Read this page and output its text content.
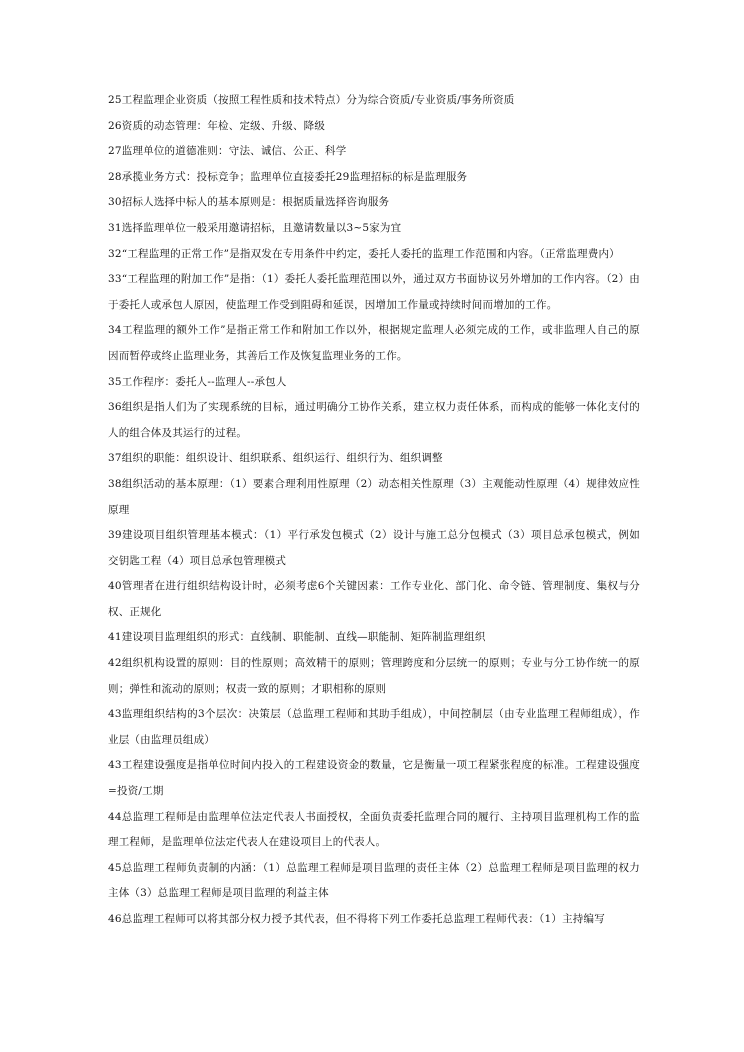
25工程监理企业资质（按照工程性质和技术特点）分为综合资质/专业资质/事务所资质

26资质的动态管理：年检、定级、升级、降级

27监理单位的道德准则：守法、诚信、公正、科学

28承揽业务方式：投标竞争；监理单位直接委托29监理招标的标是监理服务

30招标人选择中标人的基本原则是：根据质量选择咨询服务

31选择监理单位一般采用邀请招标，且邀请数量以3~5家为宜

32“工程监理的正常工作”是指双发在专用条件中约定，委托人委托的监理工作范围和内容。（正常监理费内）

33“工程监理的附加工作”是指：（1）委托人委托监理范围以外，通过双方书面协议另外增加的工作内容。（2）由于委托人或承包人原因，使监理工作受到阻碍和延误，因增加工作量或持续时间而增加的工作。

34工程监理的额外工作”是指正常工作和附加工作以外，根据规定监理人必须完成的工作，或非监理人自己的原因而暂停或终止监理业务，其善后工作及恢复监理业务的工作。

35工作程序：委托人--监理人--承包人

36组织是指人们为了实现系统的目标，通过明确分工协作关系，建立权力责任体系，而构成的能够一体化支付的人的组合体及其运行的过程。

37组织的职能：组织设计、组织联系、组织运行、组织行为、组织调整

38组织活动的基本原理：（1）要素合理利用性原理（2）动态相关性原理（3）主观能动性原理（4）规律效应性原理

39建设项目组织管理基本模式：（1）平行承发包模式（2）设计与施工总分包模式（3）项目总承包模式，例如交钥匙工程（4）项目总承包管理模式

40管理者在进行组织结构设计时，必须考虑6个关键因素：工作专业化、部门化、命令链、管理制度、集权与分权、正规化

41建设项目监理组织的形式：直线制、职能制、直线—职能制、矩阵制监理组织

42组织机构设置的原则：目的性原则；高效精干的原则；管理跨度和分层统一的原则；专业与分工协作统一的原则；弹性和流动的原则；权责一致的原则；才职相称的原则

43监理组织结构的3个层次：决策层（总监理工程师和其助手组成），中间控制层（由专业监理工程师组成），作业层（由监理员组成）

43工程建设强度是指单位时间内投入的工程建设资金的数量，它是衡量一项工程紧张程度的标准。工程建设强度=投资/工期

44总监理工程师是由监理单位法定代表人书面授权，全面负责委托监理合同的履行、主持项目监理机构工作的监理工程师，是监理单位法定代表人在建设项目上的代表人。

45总监理工程师负责制的内涵：（1）总监理工程师是项目监理的责任主体（2）总监理工程师是项目监理的权力主体（3）总监理工程师是项目监理的利益主体

46总监理工程师可以将其部分权力授予其代表，但不得将下列工作委托总监理工程师代表：（1）主持编写
